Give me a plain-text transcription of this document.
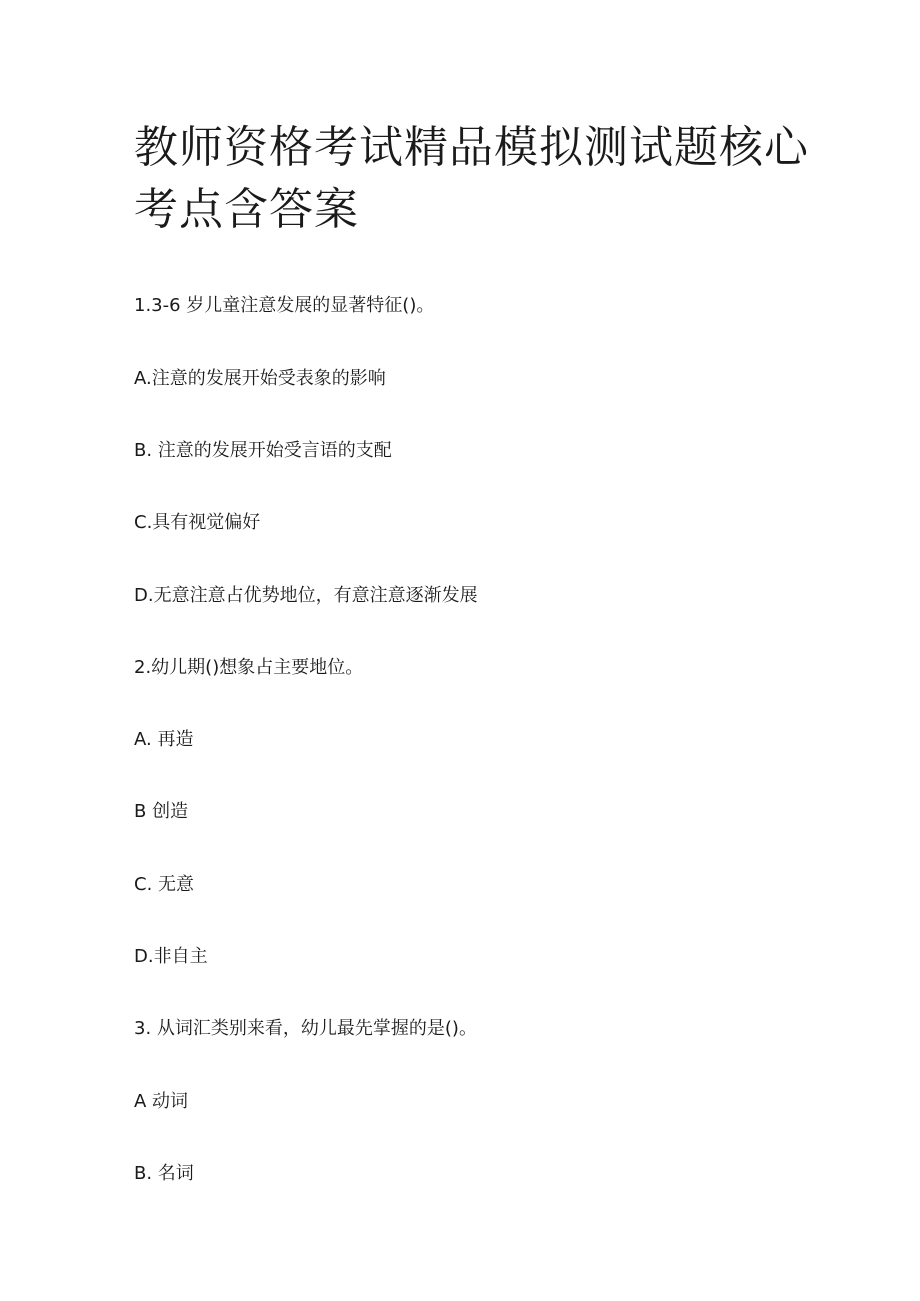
教师资格考试精品模拟测试题核心考点含答案

1.3-6 岁儿童注意发展的显著特征()。

A.注意的发展开始受表象的影响

B. 注意的发展开始受言语的支配

C.具有视觉偏好

D.无意注意占优势地位，有意注意逐渐发展

2.幼儿期()想象占主要地位。

A. 再造

B 创造

C. 无意

D.非自主

3. 从词汇类别来看，幼儿最先掌握的是()。

A 动词

B. 名词
